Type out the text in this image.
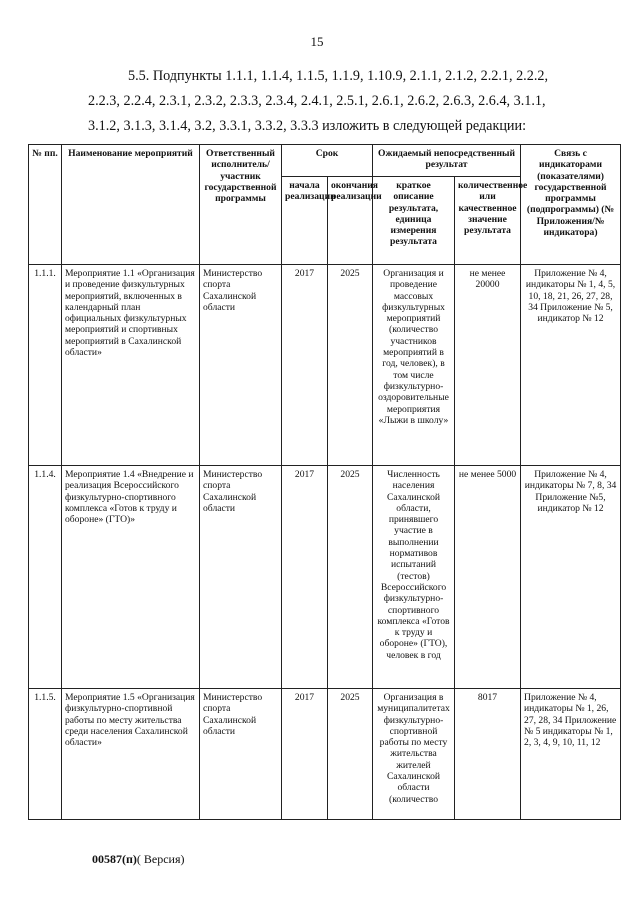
15
5.5. Подпункты 1.1.1, 1.1.4, 1.1.5, 1.1.9, 1.10.9, 2.1.1, 2.1.2, 2.2.1, 2.2.2,
2.2.3, 2.2.4, 2.3.1, 2.3.2, 2.3.3, 2.3.4, 2.4.1, 2.5.1, 2.6.1, 2.6.2, 2.6.3, 2.6.4, 3.1.1,
3.1.2, 3.1.3, 3.1.4, 3.2, 3.3.1, 3.3.2, 3.3.3 изложить в следующей редакции:
№ пп.	Наименование мероприятий	Ответственный исполнитель/участник государственной программы	Срок		Ожидаемый непосредственный результат		Связь с индикаторами (показателями) государственной программы (подпрограммы) (№ Приложения/№ индикатора)
			начала реализации	окончания реализации	краткое описание результата, единица измерения результата	количественное или качественное значение результата	
1.1.1.	Мероприятие 1.1 «Организация и проведение физкультурных мероприятий, включенных в календарный план официальных физкультурных мероприятий и спортивных мероприятий в Сахалинской области»	Министерство спорта Сахалинской области	2017	2025	Организация и проведение массовых физкультурных мероприятий (количество участников мероприятий в год, человек), в том числе физкультурно-оздоровительные мероприятия «Лыжи в школу»	не менее 20000	Приложение № 4, индикаторы № 1, 4, 5, 10, 18, 21, 26, 27, 28, 34 Приложение № 5, индикатор № 12
1.1.4.	Мероприятие 1.4 «Внедрение и реализация Всероссийского физкультурно-спортивного комплекса «Готов к труду и обороне» (ГТО)»	Министерство спорта Сахалинской области	2017	2025	Численность населения Сахалинской области, принявшего участие в выполнении нормативов испытаний (тестов) Всероссийского физкультурно-спортивного комплекса «Готов к труду и обороне» (ГТО), человек в год	не менее 5000	Приложение № 4, индикаторы № 7, 8, 34 Приложение №5, индикатор № 12
1.1.5.	Мероприятие 1.5 «Организация физкультурно-спортивной работы по месту жительства среди населения Сахалинской области»	Министерство спорта Сахалинской области	2017	2025	Организация в муниципалитетах физкультурно-спортивной работы по месту жительства жителей Сахалинской области (количество	8017	Приложение № 4, индикаторы № 1, 26, 27, 28, 34 Приложение № 5 индикаторы № 1, 2, 3, 4, 9, 10, 11, 12
00587(п)( Версия)
